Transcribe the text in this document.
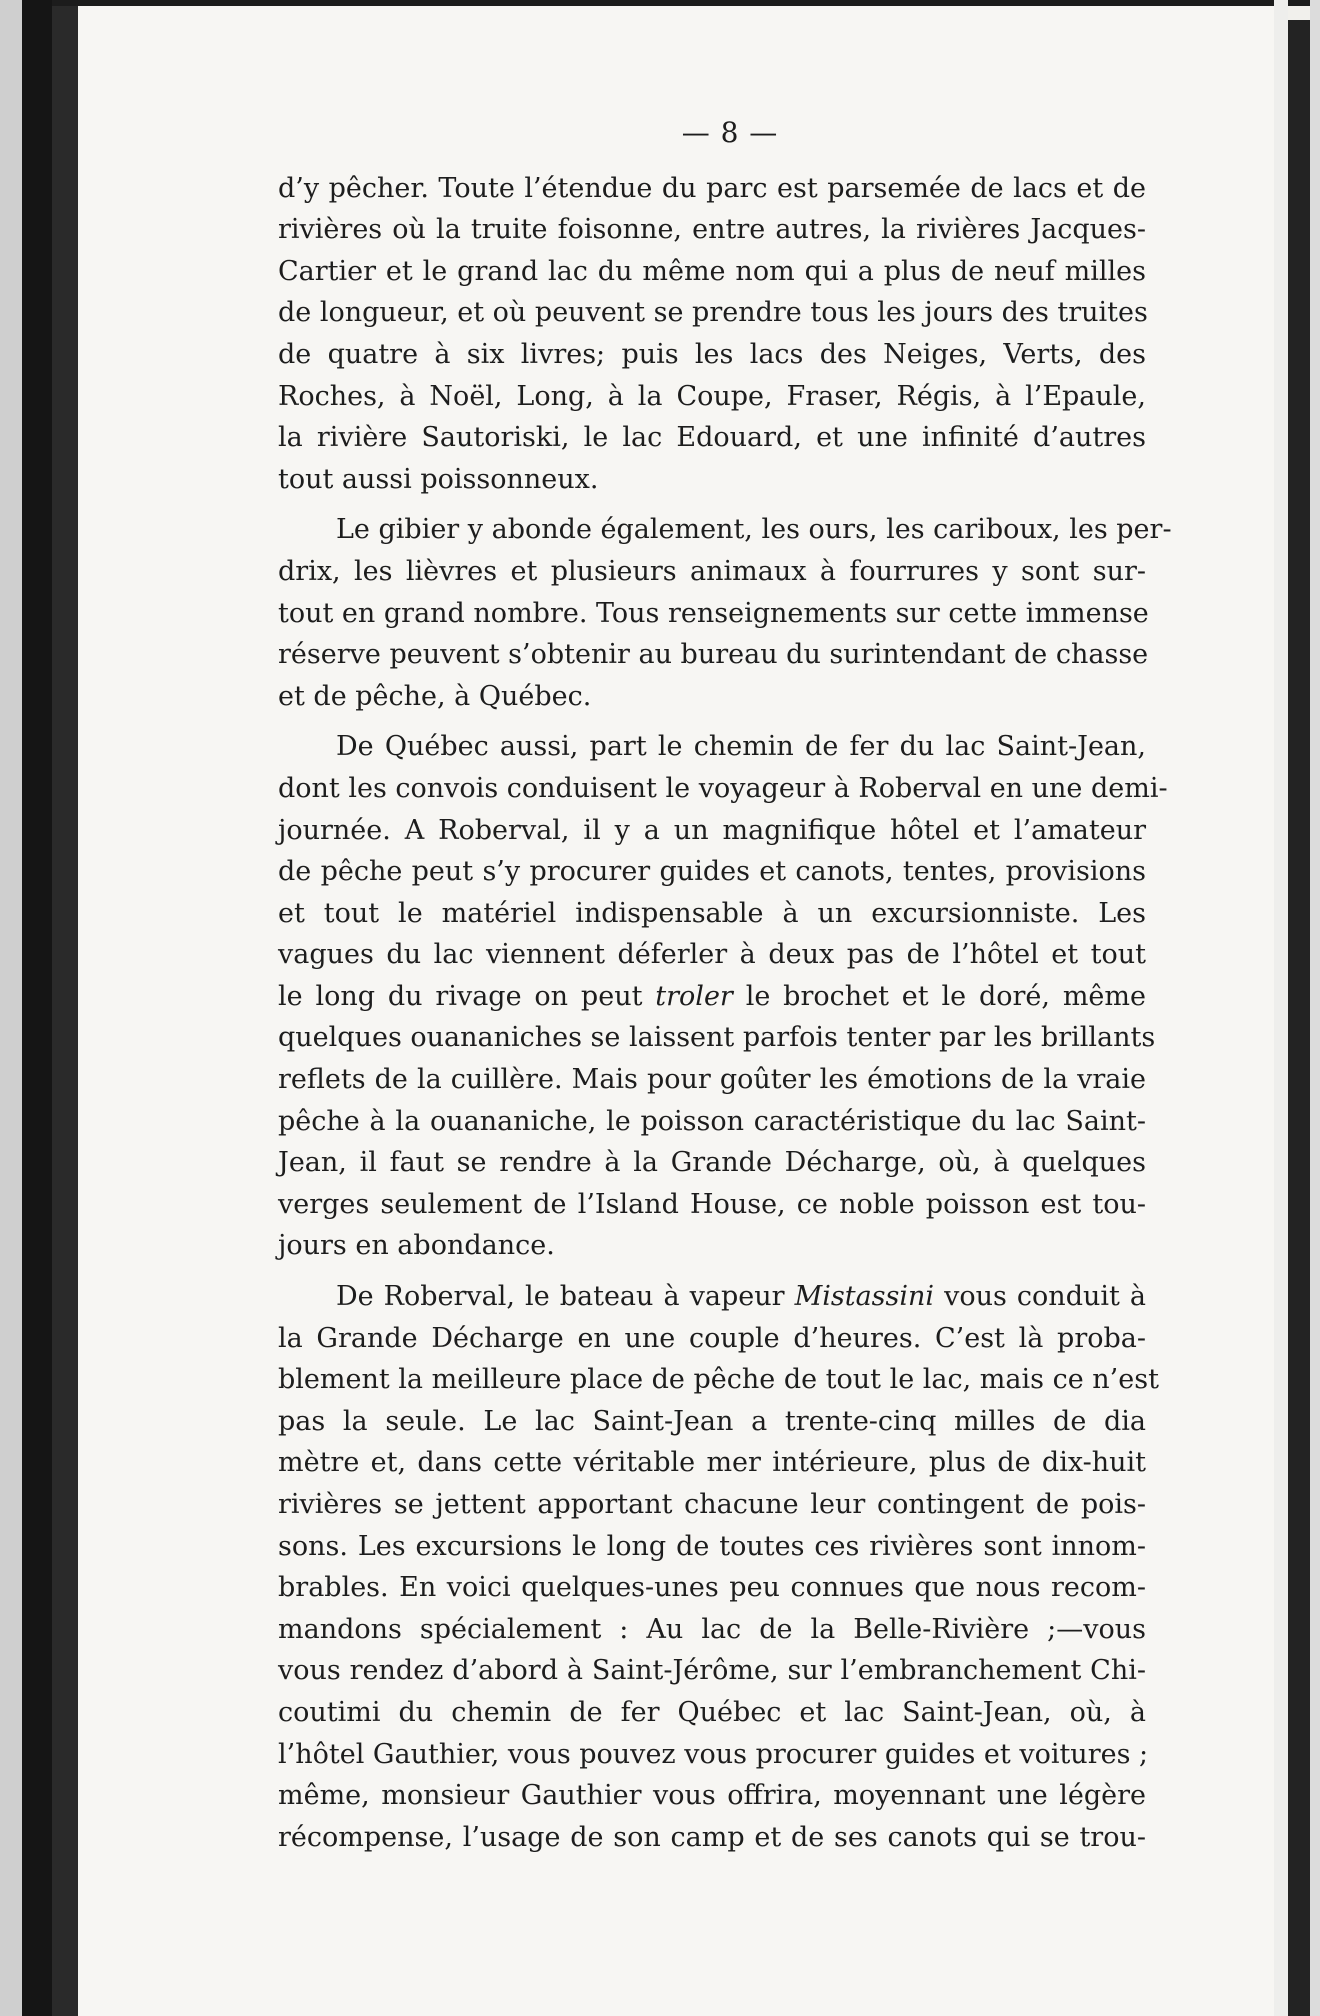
— 8 —
d’y pêcher. Toute l’étendue du parc est parsemée de lacs et de
rivières où la truite foisonne, entre autres, la rivières Jacques-
Cartier et le grand lac du même nom qui a plus de neuf milles
de longueur, et où peuvent se prendre tous les jours des truites
de quatre à six livres; puis les lacs des Neiges, Verts, des
Roches, à Noël, Long, à la Coupe, Fraser, Régis, à l’Epaule,
la rivière Sautoriski, le lac Edouard, et une infinité d’autres
tout aussi poissonneux.
Le gibier y abonde également, les ours, les cariboux, les per-
drix, les lièvres et plusieurs animaux à fourrures y sont sur-
tout en grand nombre. Tous renseignements sur cette immense
réserve peuvent s’obtenir au bureau du surintendant de chasse
et de pêche, à Québec.
De Québec aussi, part le chemin de fer du lac Saint-Jean,
dont les convois conduisent le voyageur à Roberval en une demi-
journée. A Roberval, il y a un magnifique hôtel et l’amateur
de pêche peut s’y procurer guides et canots, tentes, provisions
et tout le matériel indispensable à un excursionniste. Les
vagues du lac viennent déferler à deux pas de l’hôtel et tout
le long du rivage on peut troler le brochet et le doré, même
quelques ouananiches se laissent parfois tenter par les brillants
reflets de la cuillère. Mais pour goûter les émotions de la vraie
pêche à la ouananiche, le poisson caractéristique du lac Saint-
Jean, il faut se rendre à la Grande Décharge, où, à quelques
verges seulement de l’Island House, ce noble poisson est tou-
jours en abondance.
De Roberval, le bateau à vapeur Mistassini vous conduit à
la Grande Décharge en une couple d’heures. C’est là proba-
blement la meilleure place de pêche de tout le lac, mais ce n’est
pas la seule. Le lac Saint-Jean a trente-cinq milles de dia
mètre et, dans cette véritable mer intérieure, plus de dix-huit
rivières se jettent apportant chacune leur contingent de pois-
sons. Les excursions le long de toutes ces rivières sont innom-
brables. En voici quelques-unes peu connues que nous recom-
mandons spécialement : Au lac de la Belle-Rivière ;—vous
vous rendez d’abord à Saint-Jérôme, sur l’embranchement Chi-
coutimi du chemin de fer Québec et lac Saint-Jean, où, à
l’hôtel Gauthier, vous pouvez vous procurer guides et voitures ;
même, monsieur Gauthier vous offrira, moyennant une légère
récompense, l’usage de son camp et de ses canots qui se trou-
